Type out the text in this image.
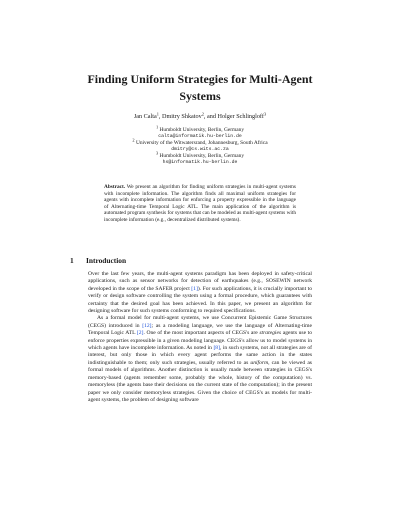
Finding Uniform Strategies for Multi-Agent
Systems
Jan Calta$^1$, Dmitry Shkatov$^2$, and Holger Schlingloff$^3$
$^1$ Humboldt University, Berlin, Germany
calta@informatik.hu-berlin.de
$^2$ University of the Witwatersrand, Johannesburg, South Africa
dmitry@cs.wits.ac.za
$^3$ Humboldt University, Berlin, Germany
hs@informatik.hu-berlin.de
Abstract. We present an algorithm for finding uniform strategies in multi-agent systems with incomplete information. The algorithm finds all maximal uniform strategies for agents with incomplete information for enforcing a property expressible in the language of Alternating-time Temporal Logic ATL. The main application of the algorithm is automated program synthesis for systems that can be modeled as multi-agent systems with incomplete information (e.g., decentralized distributed systems).
1 Introduction

Over the last few years, the multi-agent systems paradigm has been deployed in safety-critical applications, such as sensor networks for detection of earthquakes (e.g., SOSEWIN network developed in the scope of the SAFER project [1]). For such applications, it is crucially important to verify or design software controlling the system using a formal procedure, which guarantees with certainty that the desired goal has been achieved. In this paper, we present an algorithm for designing software for such systems conforming to required specifications.

As a formal model for multi-agent systems, we use Concurrent Epistemic Game Structures (CEGS) introduced in [12]; as a modeling language, we use the language of Alternating-time Temporal Logic ATL [2]. One of the most important aspects of CEGS's are strategies agents use to enforce properties expressible in a given modeling language. CEGS's allow us to model systems in which agents have incomplete information. As noted in [8], in such systems, not all strategies are of interest, but only those in which every agent performs the same action in the states indistinguishable to them; only such strategies, usually referred to as uniform, can be viewed as formal models of algorithms. Another distinction is usually made between strategies in CEGS's memory-based (agents remember some, probably the whole, history of the computation) vs. memoryless (the agents base their decisions on the current state of the computation); in the present paper we only consider memoryless strategies. Given the choice of CEGS's as models for multi-agent systems, the problem of designing software
